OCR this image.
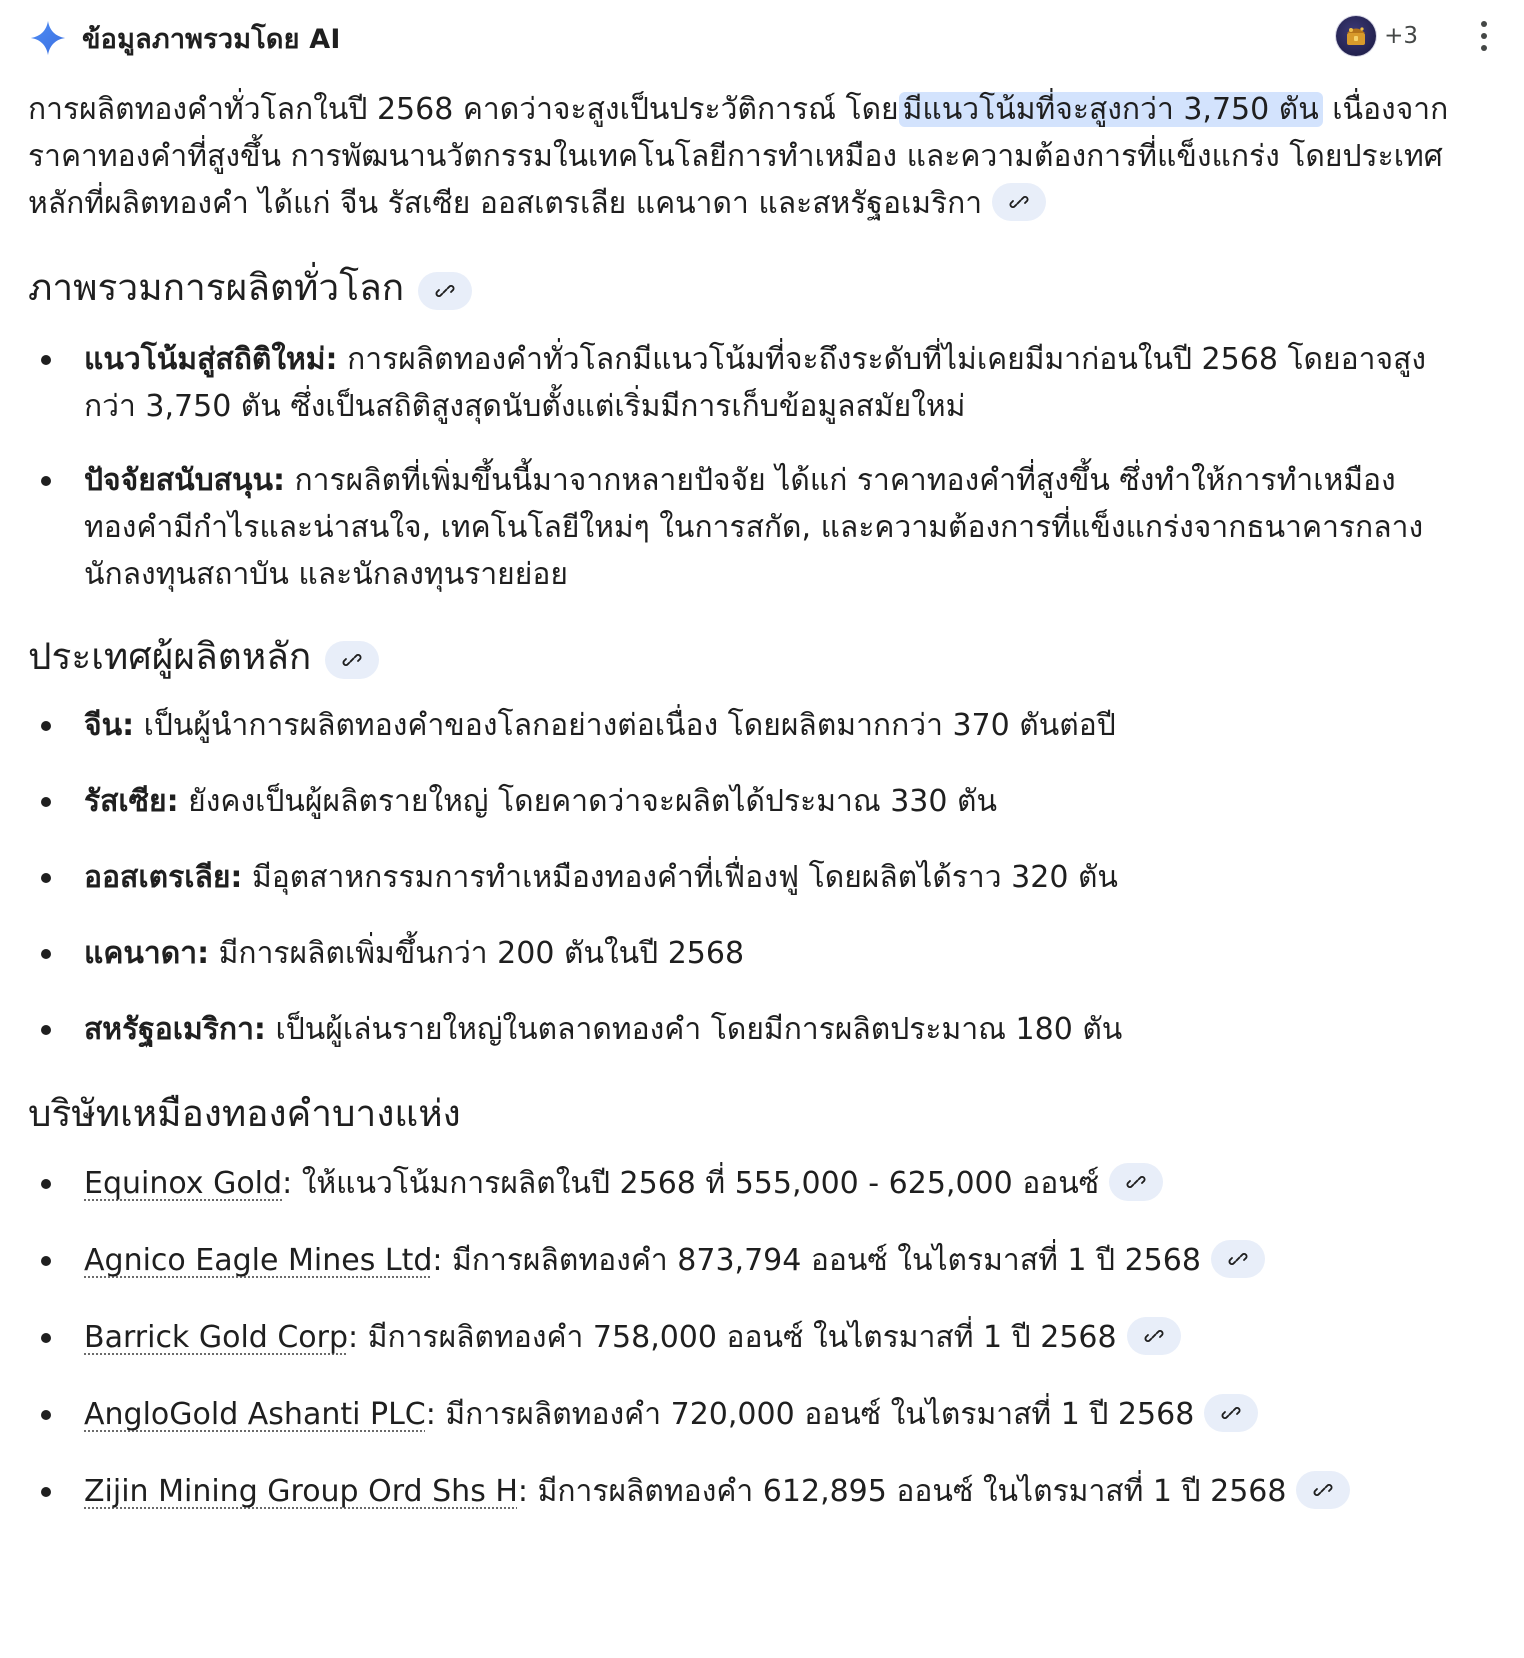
ข้อมูลภาพรวมโดย AI	+3

การผลิตทองคำทั่วโลกในปี 2568 คาดว่าจะสูงเป็นประวัติการณ์ โดย มีแนวโน้มที่จะสูงกว่า 3,750 ตัน เนื่องจากราคาทองคำที่สูงขึ้น การพัฒนานวัตกรรมในเทคโนโลยีการทำเหมือง และความต้องการที่แข็งแกร่ง โดยประเทศหลักที่ผลิตทองคำ ได้แก่ จีน รัสเซีย ออสเตรเลีย แคนาดา และสหรัฐอเมริกา

ภาพรวมการผลิตทั่วโลก
แนวโน้มสู่สถิติใหม่: การผลิตทองคำทั่วโลกมีแนวโน้มที่จะถึงระดับที่ไม่เคยมีมาก่อนในปี 2568 โดยอาจสูงกว่า 3,750 ตัน ซึ่งเป็นสถิติสูงสุดนับตั้งแต่เริ่มมีการเก็บข้อมูลสมัยใหม่
ปัจจัยสนับสนุน: การผลิตที่เพิ่มขึ้นนี้มาจากหลายปัจจัย ได้แก่ ราคาทองคำที่สูงขึ้น ซึ่งทำให้การทำเหมืองทองคำมีกำไรและน่าสนใจ, เทคโนโลยีใหม่ๆ ในการสกัด, และความต้องการที่แข็งแกร่งจากธนาคารกลาง นักลงทุนสถาบัน และนักลงทุนรายย่อย
ประเทศผู้ผลิตหลัก
จีน: เป็นผู้นำการผลิตทองคำของโลกอย่างต่อเนื่อง โดยผลิตมากกว่า 370 ตันต่อปี
รัสเซีย: ยังคงเป็นผู้ผลิตรายใหญ่ โดยคาดว่าจะผลิตได้ประมาณ 330 ตัน
ออสเตรเลีย: มีอุตสาหกรรมการทำเหมืองทองคำที่เฟื่องฟู โดยผลิตได้ราว 320 ตัน
แคนาดา: มีการผลิตเพิ่มขึ้นกว่า 200 ตันในปี 2568
สหรัฐอเมริกา: เป็นผู้เล่นรายใหญ่ในตลาดทองคำ โดยมีการผลิตประมาณ 180 ตัน
บริษัทเหมืองทองคำบางแห่ง
Equinox Gold: ให้แนวโน้มการผลิตในปี 2568 ที่ 555,000 - 625,000 ออนซ์
Agnico Eagle Mines Ltd: มีการผลิตทองคำ 873,794 ออนซ์ ในไตรมาสที่ 1 ปี 2568
Barrick Gold Corp: มีการผลิตทองคำ 758,000 ออนซ์ ในไตรมาสที่ 1 ปี 2568
AngloGold Ashanti PLC: มีการผลิตทองคำ 720,000 ออนซ์ ในไตรมาสที่ 1 ปี 2568
Zijin Mining Group Ord Shs H: มีการผลิตทองคำ 612,895 ออนซ์ ในไตรมาสที่ 1 ปี 2568
